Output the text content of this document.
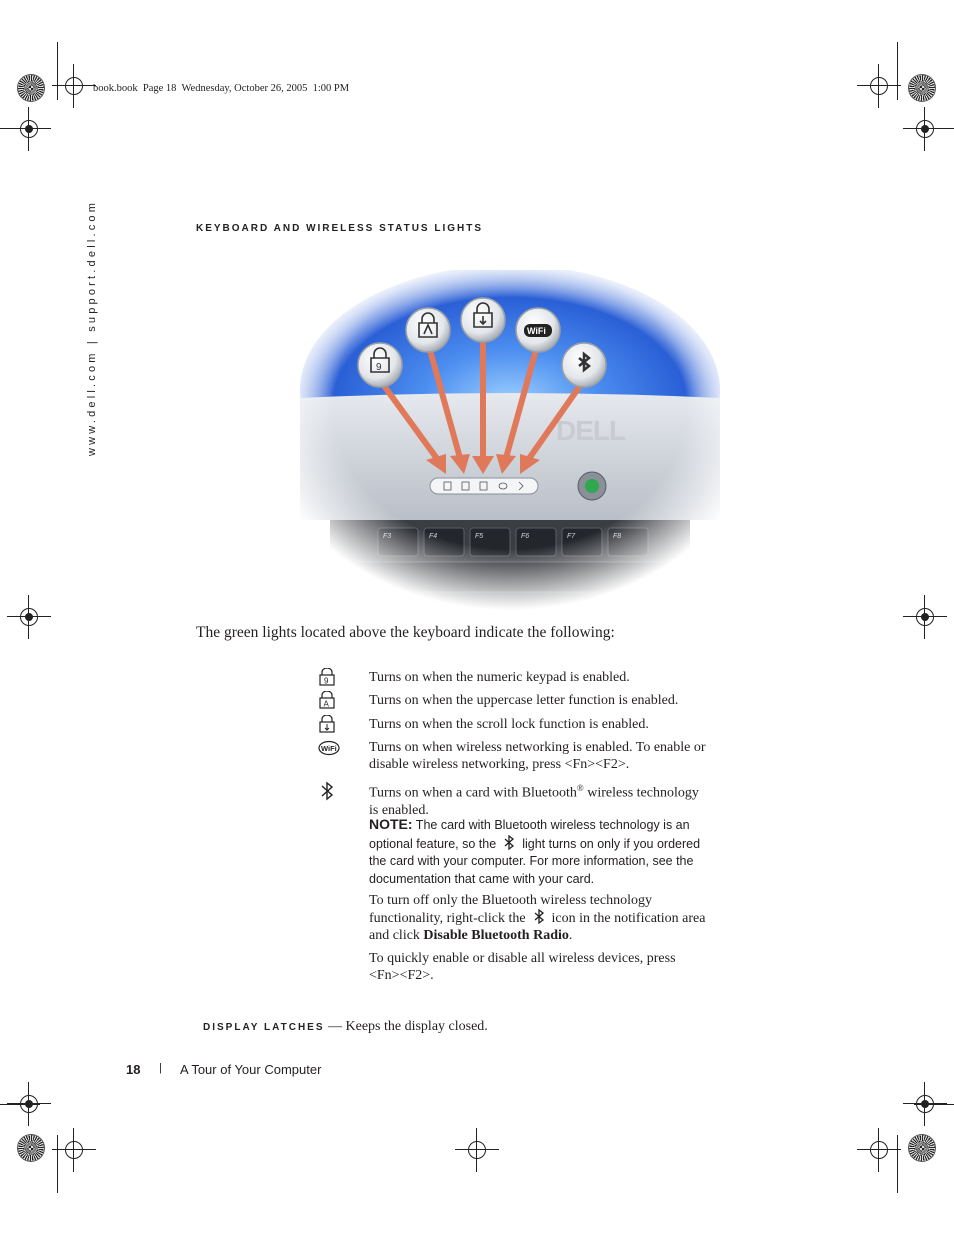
book.book  Page 18  Wednesday, October 26, 2005  1:00 PM
www.dell.com | support.dell.com	KEYBOARD AND WIRELESS STATUS LIGHTS
The green lights located above the keyboard indicate the following:
9	Turns on when the numeric keypad is enabled.
A	Turns on when the uppercase letter function is enabled.
Turns on when the scroll lock function is enabled.
WiFi Turns on when wireless networking is enabled. To enable or disable wireless networking, press <Fn><F2>.
Turns on when a card with Bluetooth® wireless technology is enabled.
NOTE: The card with Bluetooth wireless technology is an optional feature, so the light turns on only if you ordered the card with your computer. For more information, see the documentation that came with your card.
To turn off only the Bluetooth wireless technology functionality, right-click the icon in the notification area and click Disable Bluetooth Radio.
To quickly enable or disable all wireless devices, press <Fn><F2>.

DISPLAY LATCHES — Keeps the display closed.

18 | A Tour of Your Computer
